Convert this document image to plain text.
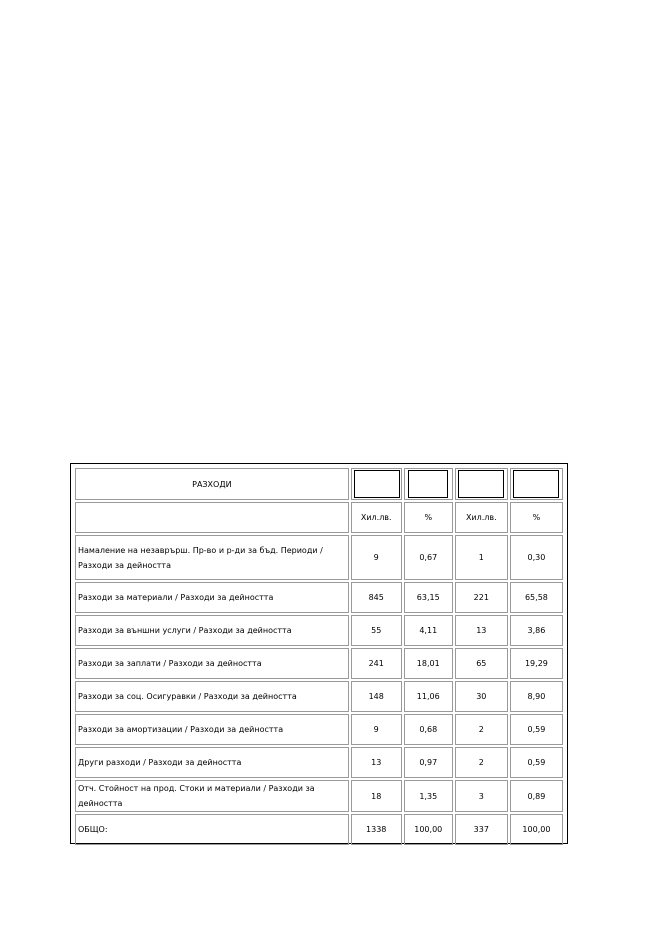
РАЗХОДИ	

	Хил.лв.	%	Хил.лв.	%
Намаление на незаврърш. Пр-во и р-ди за бъд. Периоди /Разходи за дейността	9	0,67	1	0,30
Разходи за материали / Разходи за дейността	845	63,15	221	65,58
Разходи за външни услуги / Разходи за дейността	55	4,11	13	3,86
Разходи за заплати / Разходи за дейността	241	18,01	65	19,29
Разходи за соц. Осигуравки / Разходи за дейността	148	11,06	30	8,90
Разходи за амортизации / Разходи за дейността	9	0,68	2	0,59
Други разходи / Разходи за дейността	13	0,97	2	0,59
Отч. Стойност на прод. Стоки и материали / Разходи за дейността	18	1,35	3	0,89
ОБЩО:	1338	100,00	337	100,00
